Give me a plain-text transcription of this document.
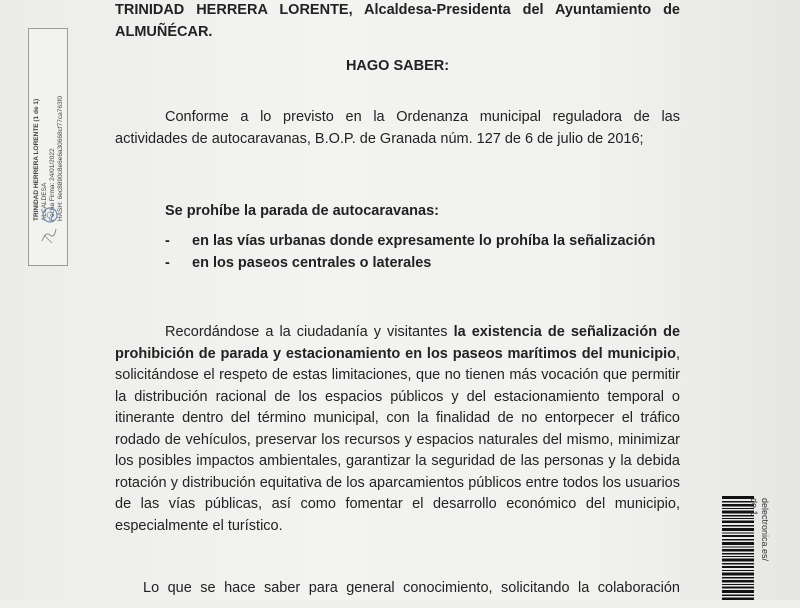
TRINIDAD HERRERA LORENTE, Alcaldesa-Presidenta del Ayuntamiento de
ALMUÑÉCAR.
HAGO SABER:
Conforme a lo previsto en la Ordenanza municipal reguladora de las
actividades de autocaravanas, B.O.P. de Granada núm. 127 de 6 de julio de 2016;
Se prohíbe la parada de autocaravanas:
- en las vías urbanas donde expresamente lo prohíba la señalización
- en los paseos centrales o laterales
Recordándose a la ciudadanía y visitantes la existencia de señalización de prohibición de parada y estacionamiento en los paseos marítimos del municipio, solicitándose el respeto de estas limitaciones, que no tienen más vocación que permitir la distribución racional de los espacios públicos y del estacionamiento temporal o itinerante dentro del término municipal, con la finalidad de no entorpecer el tráfico rodado de vehículos, preservar los recursos y espacios naturales del mismo, minimizar los posibles impactos ambientales, garantizar la seguridad de las personas y la debida rotación y distribución equitativa de los aparcamientos públicos entre todos los usuarios de las vías públicas, así como fomentar el desarrollo económico del municipio, especialmente el turístico.
Lo que se hace saber para general conocimiento, solicitando la colaboración
TRINIDAD HERRERA LORENTE (1 de 1) ALCALDESA Fecha Firma: 24/01/2022 HASH: 6ec8890c8e6e6a30668cf77ca763f0
delectronica.es/
de 1
